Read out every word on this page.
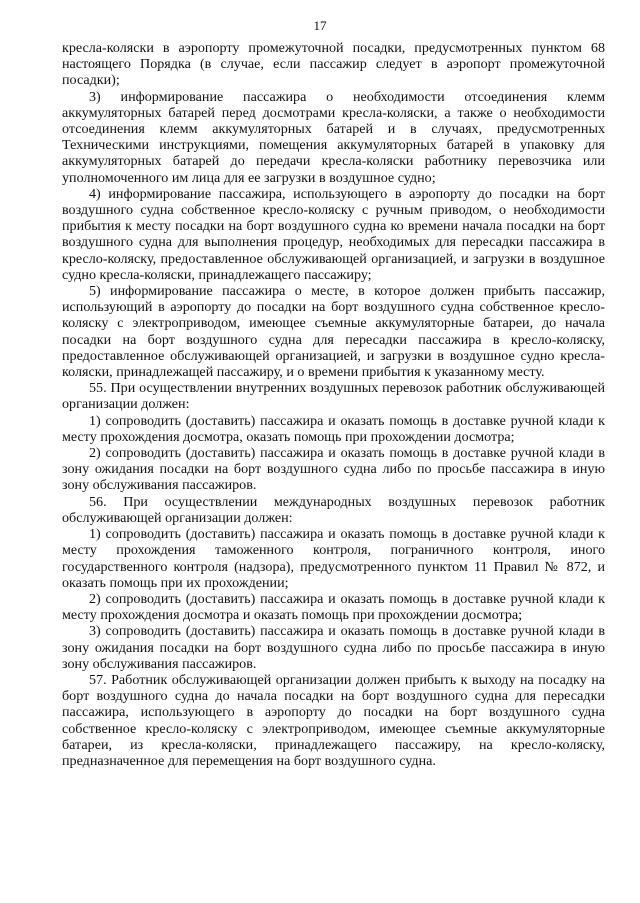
17

кресла-коляски в аэропорту промежуточной посадки, предусмотренных пунктом 68 настоящего Порядка (в случае, если пассажир следует в аэропорт промежуточной посадки);

3) информирование пассажира о необходимости отсоединения клемм аккумуляторных батарей перед досмотрами кресла-коляски, а также о необходимости отсоединения клемм аккумуляторных батарей и в случаях, предусмотренных Техническими инструкциями, помещения аккумуляторных батарей в упаковку для аккумуляторных батарей до передачи кресла-коляски работнику перевозчика или уполномоченного им лица для ее загрузки в воздушное судно;

4) информирование пассажира, использующего в аэропорту до посадки на борт воздушного судна собственное кресло-коляску с ручным приводом, о необходимости прибытия к месту посадки на борт воздушного судна ко времени начала посадки на борт воздушного судна для выполнения процедур, необходимых для пересадки пассажира в кресло-коляску, предоставленное обслуживающей организацией, и загрузки в воздушное судно кресла-коляски, принадлежащего пассажиру;

5) информирование пассажира о месте, в которое должен прибыть пассажир, использующий в аэропорту до посадки на борт воздушного судна собственное кресло-коляску с электроприводом, имеющее съемные аккумуляторные батареи, до начала посадки на борт воздушного судна для пересадки пассажира в кресло-коляску, предоставленное обслуживающей организацией, и загрузки в воздушное судно кресла-коляски, принадлежащей пассажиру, и о времени прибытия к указанному месту.

55. При осуществлении внутренних воздушных перевозок работник обслуживающей организации должен:

1) сопроводить (доставить) пассажира и оказать помощь в доставке ручной клади к месту прохождения досмотра, оказать помощь при прохождении досмотра;

2) сопроводить (доставить) пассажира и оказать помощь в доставке ручной клади в зону ожидания посадки на борт воздушного судна либо по просьбе пассажира в иную зону обслуживания пассажиров.

56. При осуществлении международных воздушных перевозок работник обслуживающей организации должен:

1) сопроводить (доставить) пассажира и оказать помощь в доставке ручной клади к месту прохождения таможенного контроля, пограничного контроля, иного государственного контроля (надзора), предусмотренного пунктом 11 Правил № 872, и оказать помощь при их прохождении;

2) сопроводить (доставить) пассажира и оказать помощь в доставке ручной клади к месту прохождения досмотра и оказать помощь при прохождении досмотра;

3) сопроводить (доставить) пассажира и оказать помощь в доставке ручной клади в зону ожидания посадки на борт воздушного судна либо по просьбе пассажира в иную зону обслуживания пассажиров.

57. Работник обслуживающей организации должен прибыть к выходу на посадку на борт воздушного судна до начала посадки на борт воздушного судна для пересадки пассажира, использующего в аэропорту до посадки на борт воздушного судна собственное кресло-коляску с электроприводом, имеющее съемные аккумуляторные батареи, из кресла-коляски, принадлежащего пассажиру, на кресло-коляску, предназначенное для перемещения на борт воздушного судна.
